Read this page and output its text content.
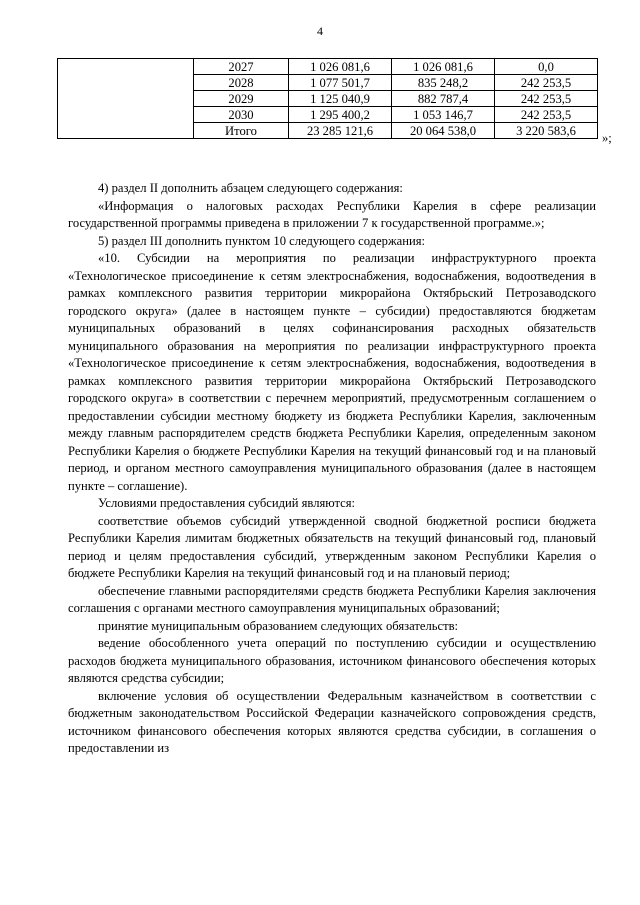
4
	2027	1 026 081,6	1 026 081,6	0,0
	2028	1 077 501,7	835 248,2	242 253,5
	2029	1 125 040,9	882 787,4	242 253,5
	2030	1 295 400,2	1 053 146,7	242 253,5
	Итого	23 285 121,6	20 064 538,0	3 220 583,6
»;

4) раздел II дополнить абзацем следующего содержания:

«Информация о налоговых расходах Республики Карелия в сфере реализации государственной программы приведена в приложении 7 к государственной программе.»;

5) раздел III дополнить пунктом 10 следующего содержания:

«10. Субсидии на мероприятия по реализации инфраструктурного проекта «Технологическое присоединение к сетям электроснабжения, водоснабжения, водоотведения в рамках комплексного развития территории микрорайона Октябрьский Петрозаводского городского округа» (далее в настоящем пункте – субсидии) предоставляются бюджетам муниципальных образований в целях софинансирования расходных обязательств муниципального образования на мероприятия по реализации инфраструктурного проекта «Технологическое присоединение к сетям электроснабжения, водоснабжения, водоотведения в рамках комплексного развития территории микрорайона Октябрьский Петрозаводского городского округа» в соответствии с перечнем мероприятий, предусмотренным соглашением о предоставлении субсидии местному бюджету из бюджета Республики Карелия, заключенным между главным распорядителем средств бюджета Республики Карелия, определенным законом Республики Карелия о бюджете Республики Карелия на текущий финансовый год и на плановый период, и органом местного самоуправления муниципального образования (далее в настоящем пункте – соглашение).

Условиями предоставления субсидий являются:

соответствие объемов субсидий утвержденной сводной бюджетной росписи бюджета Республики Карелия лимитам бюджетных обязательств на текущий финансовый год, плановый период и целям предоставления субсидий, утвержденным законом Республики Карелия о бюджете Республики Карелия на текущий финансовый год и на плановый период;

обеспечение главными распорядителями средств бюджета Республики Карелия заключения соглашения с органами местного самоуправления муниципальных образований;

принятие муниципальным образованием следующих обязательств:

ведение обособленного учета операций по поступлению субсидии и осуществлению расходов бюджета муниципального образования, источником финансового обеспечения которых являются средства субсидии;

включение условия об осуществлении Федеральным казначейством в соответствии с бюджетным законодательством Российской Федерации казначейского сопровождения средств, источником финансового обеспечения которых являются средства субсидии, в соглашения о предоставлении из
